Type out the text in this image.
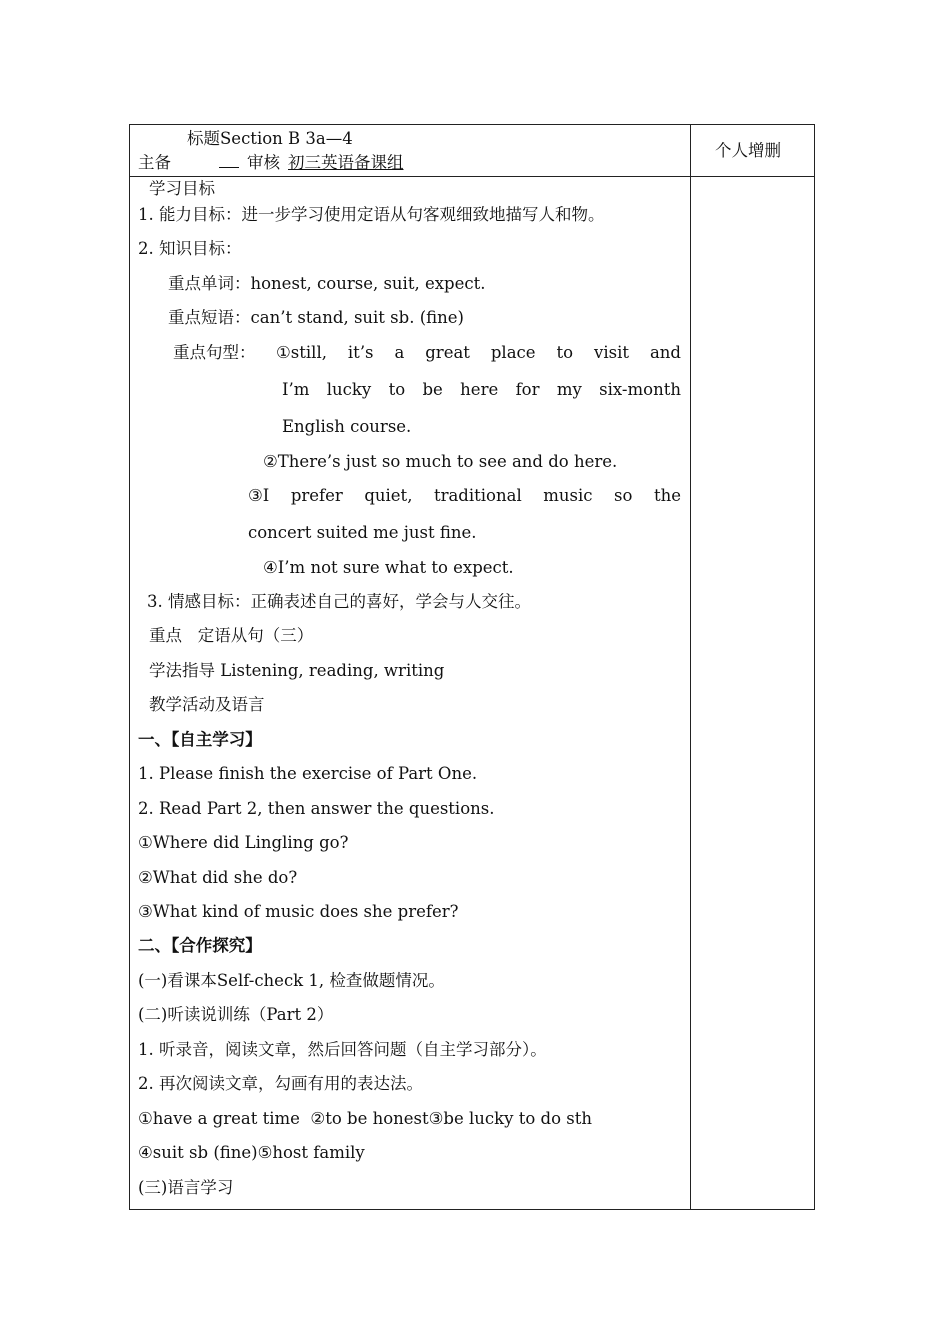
标题Section B 3a—4
主备	审核 初三英语备课组
个人增删
学习目标
1. 能力目标：进一步学习使用定语从句客观细致地描写人和物。
2. 知识目标：
重点单词：honest, course, suit, expect.
重点短语：can’t stand, suit sb. (fine)
重点句型： ①still, it’s a great place to visit and
I’m lucky to be here for my six-month
English course.
②There’s just so much to see and do here.
③I prefer quiet, traditional music so the
concert suited me just fine.
④I’m not sure what to expect.
3. 情感目标：正确表述自己的喜好，学会与人交往。
重点   定语从句（三）
学法指导 Listening, reading, writing
教学活动及语言
一、【自主学习】
1. Please finish the exercise of Part One.
2. Read Part 2, then answer the questions.
①Where did Lingling go?
②What did she do?
③What kind of music does she prefer?
二、【合作探究】
(一)看课本Self-check 1, 检查做题情况。
(二)听读说训练（Part 2）
1. 听录音，阅读文章，然后回答问题（自主学习部分）。
2. 再次阅读文章，勾画有用的表达法。
①have a great time  ②to be honest③be lucky to do sth
④suit sb (fine)⑤host family
(三)语言学习
